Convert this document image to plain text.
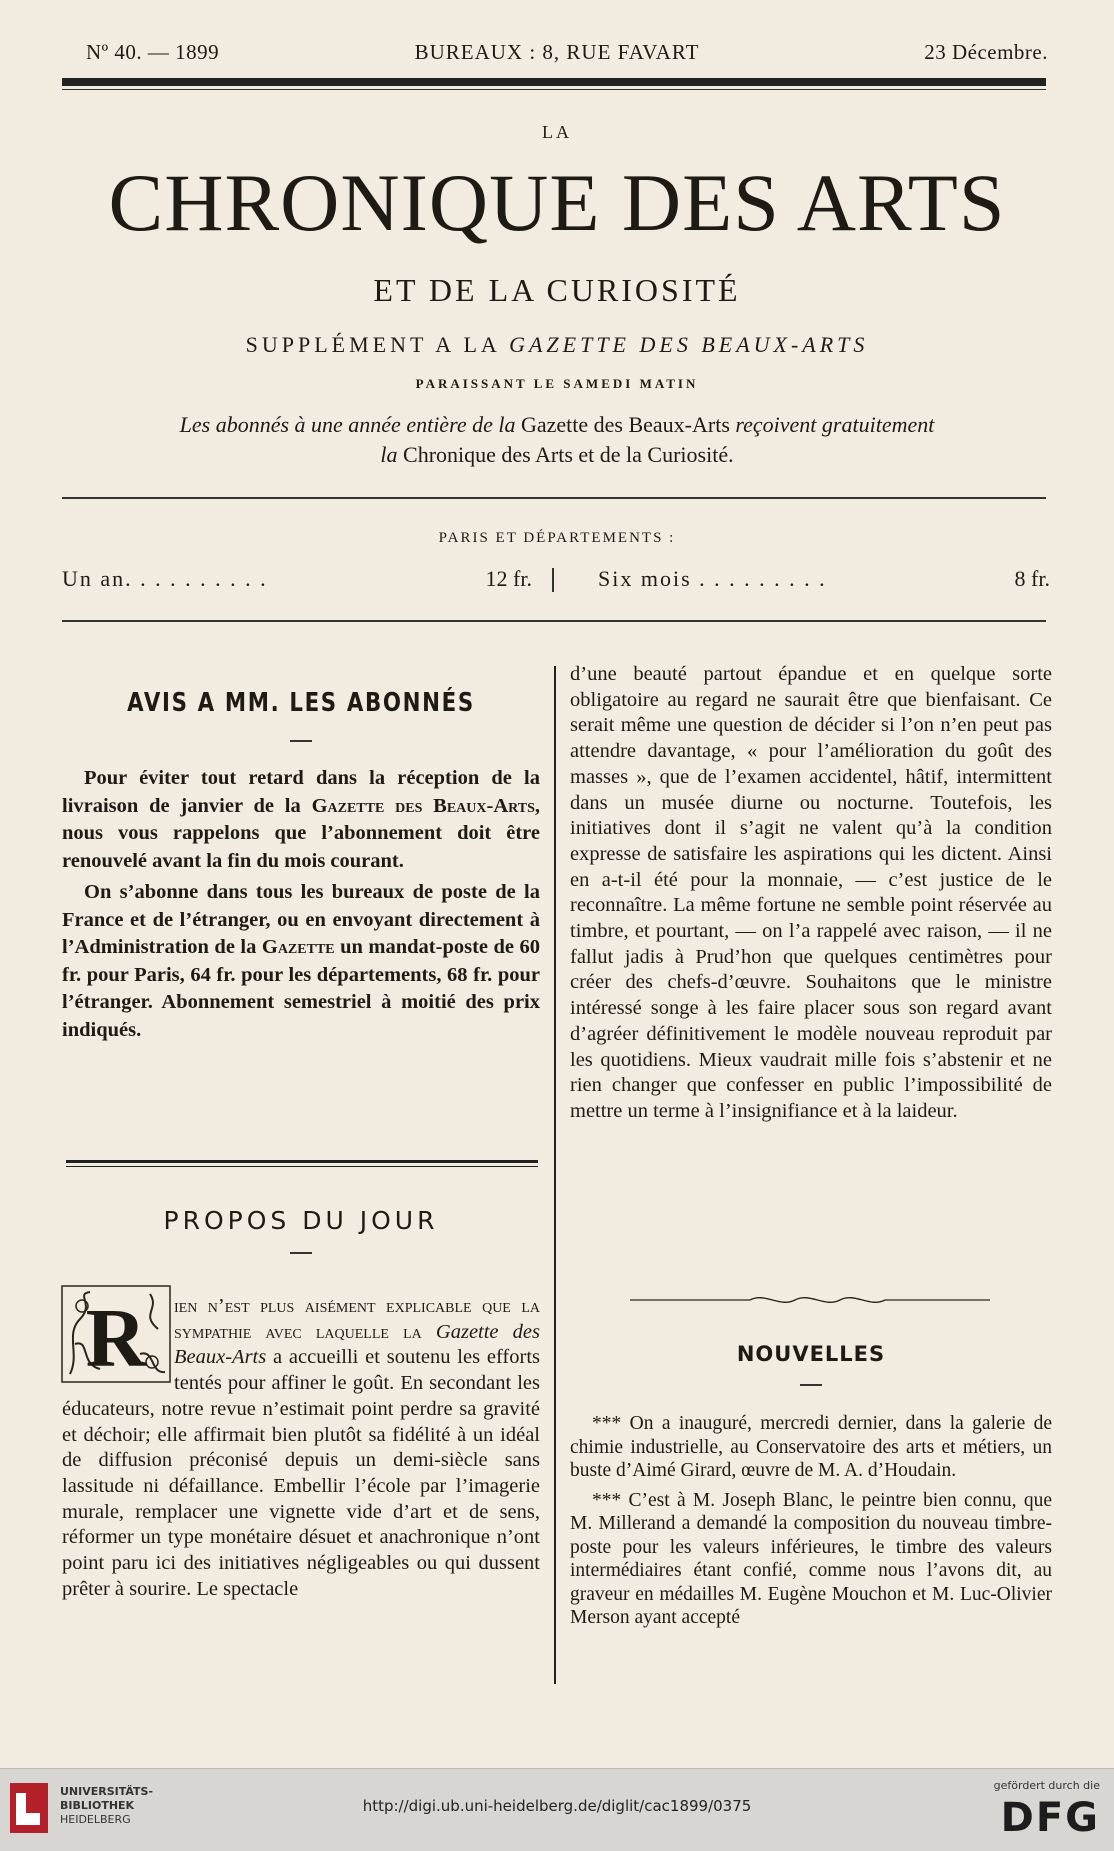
Nº 40. — 1899	BUREAUX : 8, RUE FAVART	23 Décembre.
LA
CHRONIQUE DES ARTS
ET DE LA CURIOSITÉ
SUPPLÉMENT A LA GAZETTE DES BEAUX-ARTS
PARAISSANT LE SAMEDI MATIN
Les abonnés à une année entière de la Gazette des Beaux-Arts reçoivent gratuitement
la Chronique des Arts et de la Curiosité.
PARIS ET DÉPARTEMENTS :
Un an. . . . . . . . . .	12 fr.	Six mois . . . . . . . . .	8 fr.
AVIS A MM. LES ABONNÉS

Pour éviter tout retard dans la réception de la livraison de janvier de la Gazette des Beaux-Arts, nous vous rappelons que l’abonnement doit être renouvelé avant la fin du mois courant.

On s’abonne dans tous les bureaux de poste de la France et de l’étranger, ou en envoyant directement à l’Administration de la Gazette un mandat-poste de 60 fr. pour Paris, 64 fr. pour les départements, 68 fr. pour l’étranger. Abonnement semestriel à moitié des prix indiqués.

PROPOS DU JOUR
R	ien n’est plus aisément explicable que la sympathie avec laquelle la Gazette des Beaux-Arts a accueilli et soutenu les efforts tentés pour affiner le goût. En secondant les éducateurs, notre revue n’estimait point perdre sa gravité et déchoir; elle affirmait bien plutôt sa fidélité à un idéal de diffusion préconisé depuis un demi-siècle sans lassitude ni défaillance. Embellir l’école par l’imagerie murale, remplacer une vignette vide d’art et de sens, réformer un type monétaire désuet et anachronique n’ont point paru ici des initiatives négligeables ou qui dussent prêter à sourire. Le spectacle

d’une beauté partout épandue et en quelque sorte obligatoire au regard ne saurait être que bienfaisant. Ce serait même une question de décider si l’on n’en peut pas attendre davantage, « pour l’amélioration du goût des masses », que de l’examen accidentel, hâtif, intermittent dans un musée diurne ou nocturne. Toutefois, les initiatives dont il s’agit ne valent qu’à la condition expresse de satisfaire les aspirations qui les dictent. Ainsi en a-t-il été pour la monnaie, — c’est justice de le reconnaître. La même fortune ne semble point réservée au timbre, et pourtant, — on l’a rappelé avec raison, — il ne fallut jadis à Prud’hon que quelques centimètres pour créer des chefs-d’œuvre. Souhaitons que le ministre intéressé songe à les faire placer sous son regard avant d’agréer définitivement le modèle nouveau reproduit par les quotidiens. Mieux vaudrait mille fois s’abstenir et ne rien changer que confesser en public l’impossibilité de mettre un terme à l’insignifiance et à la laideur.

NOUVELLES

*** On a inauguré, mercredi dernier, dans la galerie de chimie industrielle, au Conservatoire des arts et métiers, un buste d’Aimé Girard, œuvre de M. A. d’Houdain.

*** C’est à M. Joseph Blanc, le peintre bien connu, que M. Millerand a demandé la composition du nouveau timbre-poste pour les valeurs inférieures, le timbre des valeurs intermédiaires étant confié, comme nous l’avons dit, au graveur en médailles M. Eugène Mouchon et M. Luc-Olivier Merson ayant accepté

UNIVERSITÄTS-
BIBLIOTHEK
HEIDELBERG
http://digi.ub.uni-heidelberg.de/diglit/cac1899/0375
gefördert durch die
DFG
